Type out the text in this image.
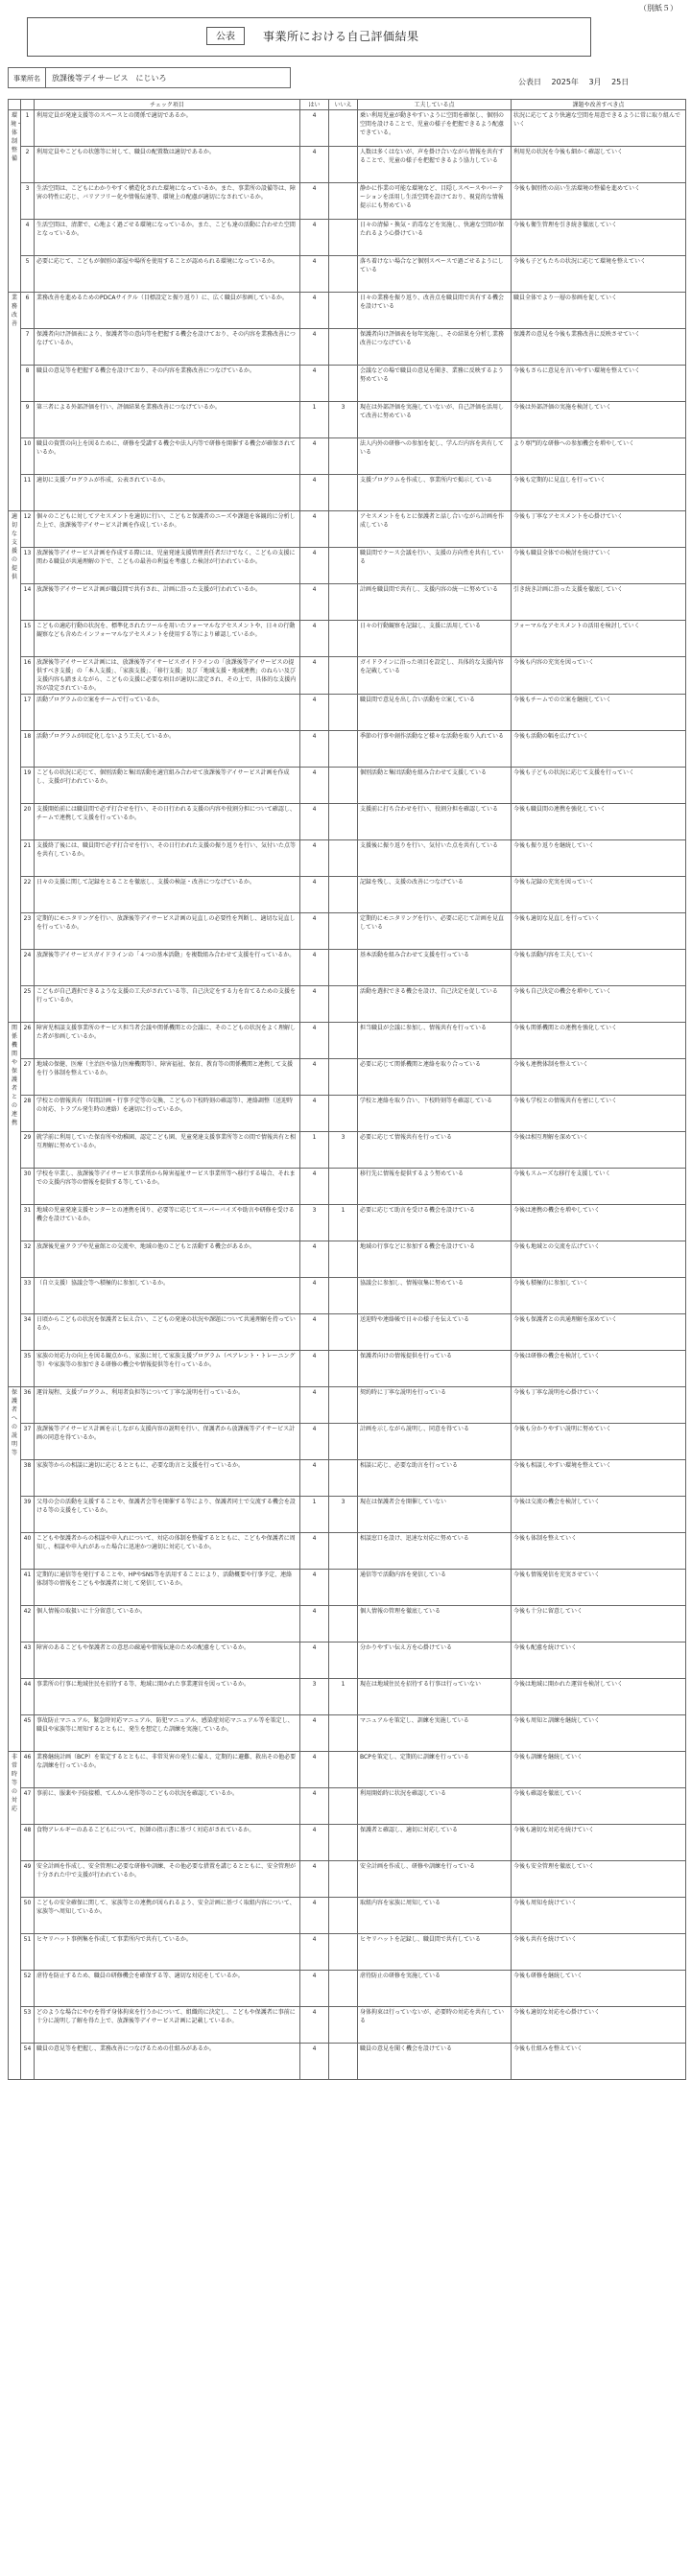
（別紙５）
公表	事業所における自己評価結果
事業所名	放課後等デイサービス　にじいろ	公表日 2025年 3月 25日
		チェック項目	はい	いいえ	工夫している点	課題や改善すべき点
環境・体制整備	1	利用定員が発達支援等のスペースとの関係で適切であるか。	4		乗い利用児童が動きやすいように空間を確保し、個別の空間を設けることで、児童の様子を把握できるよう配慮できている。	状況に応じてより快適な空間を用意できるように常に取り組んでいく
	2	利用定員やこどもの状態等に対して、職員の配置数は適切であるか。	4		人数は多くはないが、声を掛け合いながら情報を共有することで、児童の様子を把握できるよう協力している	利用児の状況を今後も細かく確認していく
	3	生活空間は、こどもにわかりやすく構造化された環境になっているか。また、事業所の設備等は、障害の特性に応じ、バリアフリー化や情報伝達等、環境上の配慮が適切になされているか。	4		静かに作業の可能な環境など、目隠しスペースやパーテーションを活用し生活空間を設けており、視覚的な情報提示にも努めている	今後も個別性の高い生活環境の整備を進めていく
	4	生活空間は、清潔で、心地よく過ごせる環境になっているか。また、こども達の活動に合わせた空間となっているか。	4		日々の清掃・換気・消毒などを実施し、快適な空間が保たれるよう心掛けている	今後も衛生管理を引き続き徹底していく
	5	必要に応じて、こどもが個別の部屋や場所を使用することが認められる環境になっているか。	4		落ち着けない場合など個別スペースで過ごせるようにしている	今後も子どもたちの状況に応じて環境を整えていく
業務改善	6	業務改善を進めるためのPDCAサイクル（目標設定と振り返り）に、広く職員が参画しているか。	4		日々の業務を振り返り、改善点を職員間で共有する機会を設けている	職員全体でより一層の参画を促していく
	7	保護者向け評価表により、保護者等の意向等を把握する機会を設けており、その内容を業務改善につなげているか。	4		保護者向け評価表を毎年実施し、その結果を分析し業務改善につなげている	保護者の意見を今後も業務改善に反映させていく
	8	職員の意見等を把握する機会を設けており、その内容を業務改善につなげているか。	4		会議などの場で職員の意見を聞き、業務に反映するよう努めている	今後もさらに意見を言いやすい環境を整えていく
	9	第三者による外部評価を行い、評価結果を業務改善につなげているか。	1	3	現在は外部評価を実施していないが、自己評価を活用して改善に努めている	今後は外部評価の実施を検討していく
	10	職員の資質の向上を図るために、研修を受講する機会や法人内等で研修を開催する機会が確保されているか。	4		法人内外の研修への参加を促し、学んだ内容を共有している	より専門的な研修への参加機会を増やしていく
	11	適切に支援プログラムが作成、公表されているか。	4		支援プログラムを作成し、事業所内で掲示している	今後も定期的に見直しを行っていく
適切な支援の提供	12	個々のこどもに対してアセスメントを適切に行い、こどもと保護者のニーズや課題を客観的に分析した上で、放課後等デイサービス計画を作成しているか。	4		アセスメントをもとに保護者と話し合いながら計画を作成している	今後も丁寧なアセスメントを心掛けていく
	13	放課後等デイサービス計画を作成する際には、児童発達支援管理責任者だけでなく、こどもの支援に関わる職員が共通理解の下で、こどもの最善の利益を考慮した検討が行われているか。	4		職員間でケース会議を行い、支援の方向性を共有している	今後も職員全体での検討を続けていく
	14	放課後等デイサービス計画が職員間で共有され、計画に沿った支援が行われているか。	4		計画を職員間で共有し、支援内容の統一に努めている	引き続き計画に沿った支援を徹底していく
	15	こどもの適応行動の状況を、標準化されたツールを用いたフォーマルなアセスメントや、日々の行動観察なども含めたインフォーマルなアセスメントを使用する等により確認しているか。	4		日々の行動観察を記録し、支援に活用している	フォーマルなアセスメントの活用を検討していく
	16	放課後等デイサービス計画には、放課後等デイサービスガイドラインの「放課後等デイサービスの提供すべき支援」の「本人支援」、「家族支援」、「移行支援」及び「地域支援・地域連携」のねらい及び支援内容も踏まえながら、こどもの支援に必要な項目が適切に設定され、その上で、具体的な支援内容が設定されているか。	4		ガイドラインに沿った項目を設定し、具体的な支援内容を記載している	今後も内容の充実を図っていく
	17	活動プログラムの立案をチームで行っているか。	4		職員間で意見を出し合い活動を立案している	今後もチームでの立案を継続していく
	18	活動プログラムが固定化しないよう工夫しているか。	4		季節の行事や創作活動など様々な活動を取り入れている	今後も活動の幅を広げていく
	19	こどもの状況に応じて、個別活動と集団活動を適宜組み合わせて放課後等デイサービス計画を作成し、支援が行われているか。	4		個別活動と集団活動を組み合わせて支援している	今後も子どもの状況に応じて支援を行っていく
	20	支援開始前には職員間で必ず打合せを行い、その日行われる支援の内容や役割分担について確認し、チームで連携して支援を行っているか。	4		支援前に打ち合わせを行い、役割分担を確認している	今後も職員間の連携を強化していく
	21	支援終了後には、職員間で必ず打合せを行い、その日行われた支援の振り返りを行い、気付いた点等を共有しているか。	4		支援後に振り返りを行い、気付いた点を共有している	今後も振り返りを継続していく
	22	日々の支援に関して記録をとることを徹底し、支援の検証・改善につなげているか。	4		記録を残し、支援の改善につなげている	今後も記録の充実を図っていく
	23	定期的にモニタリングを行い、放課後等デイサービス計画の見直しの必要性を判断し、適切な見直しを行っているか。	4		定期的にモニタリングを行い、必要に応じて計画を見直している	今後も適切な見直しを行っていく
	24	放課後等デイサービスガイドラインの「４つの基本活動」を複数組み合わせて支援を行っているか。	4		基本活動を組み合わせて支援を行っている	今後も活動内容を工夫していく
	25	こどもが自己選択できるような支援の工夫がされている等、自己決定をする力を育てるための支援を行っているか。	4		活動を選択できる機会を設け、自己決定を促している	今後も自己決定の機会を増やしていく
関係機関や保護者との連携	26	障害児相談支援事業所のサービス担当者会議や関係機関との会議に、そのこどもの状況をよく理解した者が参画しているか。	4		担当職員が会議に参加し、情報共有を行っている	今後も関係機関との連携を強化していく
	27	地域の保健、医療（主治医や協力医療機関等）、障害福祉、保育、教育等の関係機関と連携して支援を行う体制を整えているか。	4		必要に応じて関係機関と連絡を取り合っている	今後も連携体制を整えていく
	28	学校との情報共有（年間計画・行事予定等の交換、こどもの下校時刻の確認等）、連絡調整（送迎時の対応、トラブル発生時の連絡）を適切に行っているか。	4		学校と連絡を取り合い、下校時刻等を確認している	今後も学校との情報共有を密にしていく
	29	就学前に利用していた保育所や幼稚園、認定こども園、児童発達支援事業所等との間で情報共有と相互理解に努めているか。	1	3	必要に応じて情報共有を行っている	今後は相互理解を深めていく
	30	学校を卒業し、放課後等デイサービス事業所から障害福祉サービス事業所等へ移行する場合、それまでの支援内容等の情報を提供する等しているか。	4		移行先に情報を提供するよう努めている	今後もスムーズな移行を支援していく
	31	地域の児童発達支援センターとの連携を図り、必要等に応じてスーパーバイズや助言や研修を受ける機会を設けているか。	3	1	必要に応じて助言を受ける機会を設けている	今後は連携の機会を増やしていく
	32	放課後児童クラブや児童館との交流や、地域の他のこどもと活動する機会があるか。	4		地域の行事などに参加する機会を設けている	今後も地域との交流を広げていく
	33	（自立支援）協議会等へ積極的に参加しているか。	4		協議会に参加し、情報収集に努めている	今後も積極的に参加していく
	34	日頃からこどもの状況を保護者と伝え合い、こどもの発達の状況や課題について共通理解を持っているか。	4		送迎時や連絡帳で日々の様子を伝えている	今後も保護者との共通理解を深めていく
	35	家族の対応力の向上を図る観点から、家族に対して家族支援プログラム（ペアレント・トレーニング等）や家族等の参加できる研修の機会や情報提供等を行っているか。	4		保護者向けの情報提供を行っている	今後は研修の機会を検討していく
保護者への説明等	36	運営規程、支援プログラム、利用者負担等について丁寧な説明を行っているか。	4		契約時に丁寧な説明を行っている	今後も丁寧な説明を心掛けていく
	37	放課後等デイサービス計画を示しながら支援内容の説明を行い、保護者から放課後等デイサービス計画の同意を得ているか。	4		計画を示しながら説明し、同意を得ている	今後も分かりやすい説明に努めていく
	38	家族等からの相談に適切に応じるとともに、必要な助言と支援を行っているか。	4		相談に応じ、必要な助言を行っている	今後も相談しやすい環境を整えていく
	39	父母の会の活動を支援することや、保護者会等を開催する等により、保護者同士で交流する機会を設ける等の支援をしているか。	1	3	現在は保護者会を開催していない	今後は交流の機会を検討していく
	40	こどもや保護者からの相談や申入れについて、対応の体制を整備するとともに、こどもや保護者に周知し、相談や申入れがあった場合に迅速かつ適切に対応しているか。	4		相談窓口を設け、迅速な対応に努めている	今後も体制を整えていく
	41	定期的に通信等を発行することや、HPやSNS等を活用することにより、活動概要や行事予定、連絡体制等の情報をこどもや保護者に対して発信しているか。	4		通信等で活動内容を発信している	今後も情報発信を充実させていく
	42	個人情報の取扱いに十分留意しているか。	4		個人情報の管理を徹底している	今後も十分に留意していく
	43	障害のあるこどもや保護者との意思の疎通や情報伝達のための配慮をしているか。	4		分かりやすい伝え方を心掛けている	今後も配慮を続けていく
	44	事業所の行事に地域住民を招待する等、地域に開かれた事業運営を図っているか。	3	1	現在は地域住民を招待する行事は行っていない	今後は地域に開かれた運営を検討していく
	45	事故防止マニュアル、緊急時対応マニュアル、防犯マニュアル、感染症対応マニュアル等を策定し、職員や家族等に周知するとともに、発生を想定した訓練を実施しているか。	4		マニュアルを策定し、訓練を実施している	今後も周知と訓練を継続していく
非常時等の対応	46	業務継続計画（BCP）を策定するとともに、非常災害の発生に備え、定期的に避難、救出その他必要な訓練を行っているか。	4		BCPを策定し、定期的に訓練を行っている	今後も訓練を継続していく
	47	事前に、服薬や予防接種、てんかん発作等のこどもの状況を確認しているか。	4		利用開始時に状況を確認している	今後も確認を徹底していく
	48	食物アレルギーのあるこどもについて、医師の指示書に基づく対応がされているか。	4		保護者と確認し、適切に対応している	今後も適切な対応を続けていく
	49	安全計画を作成し、安全管理に必要な研修や訓練、その他必要な措置を講じるとともに、安全管理が十分された中で支援が行われているか。	4		安全計画を作成し、研修や訓練を行っている	今後も安全管理を徹底していく
	50	こどもの安全確保に関して、家族等との連携が図られるよう、安全計画に基づく取組内容について、家族等へ周知しているか。	4		取組内容を家族に周知している	今後も周知を続けていく
	51	ヒヤリハット事例集を作成して事業所内で共有しているか。	4		ヒヤリハットを記録し、職員間で共有している	今後も共有を続けていく
	52	虐待を防止するため、職員の研修機会を確保する等、適切な対応をしているか。	4		虐待防止の研修を実施している	今後も研修を継続していく
	53	どのような場合にやむを得ず身体拘束を行うかについて、組織的に決定し、こどもや保護者に事前に十分に説明し了解を得た上で、放課後等デイサービス計画に記載しているか。	4		身体拘束は行っていないが、必要時の対応を共有している	今後も適切な対応を心掛けていく
	54	職員の意見等を把握し、業務改善につなげるための仕組みがあるか。	4		職員の意見を聞く機会を設けている	今後も仕組みを整えていく
